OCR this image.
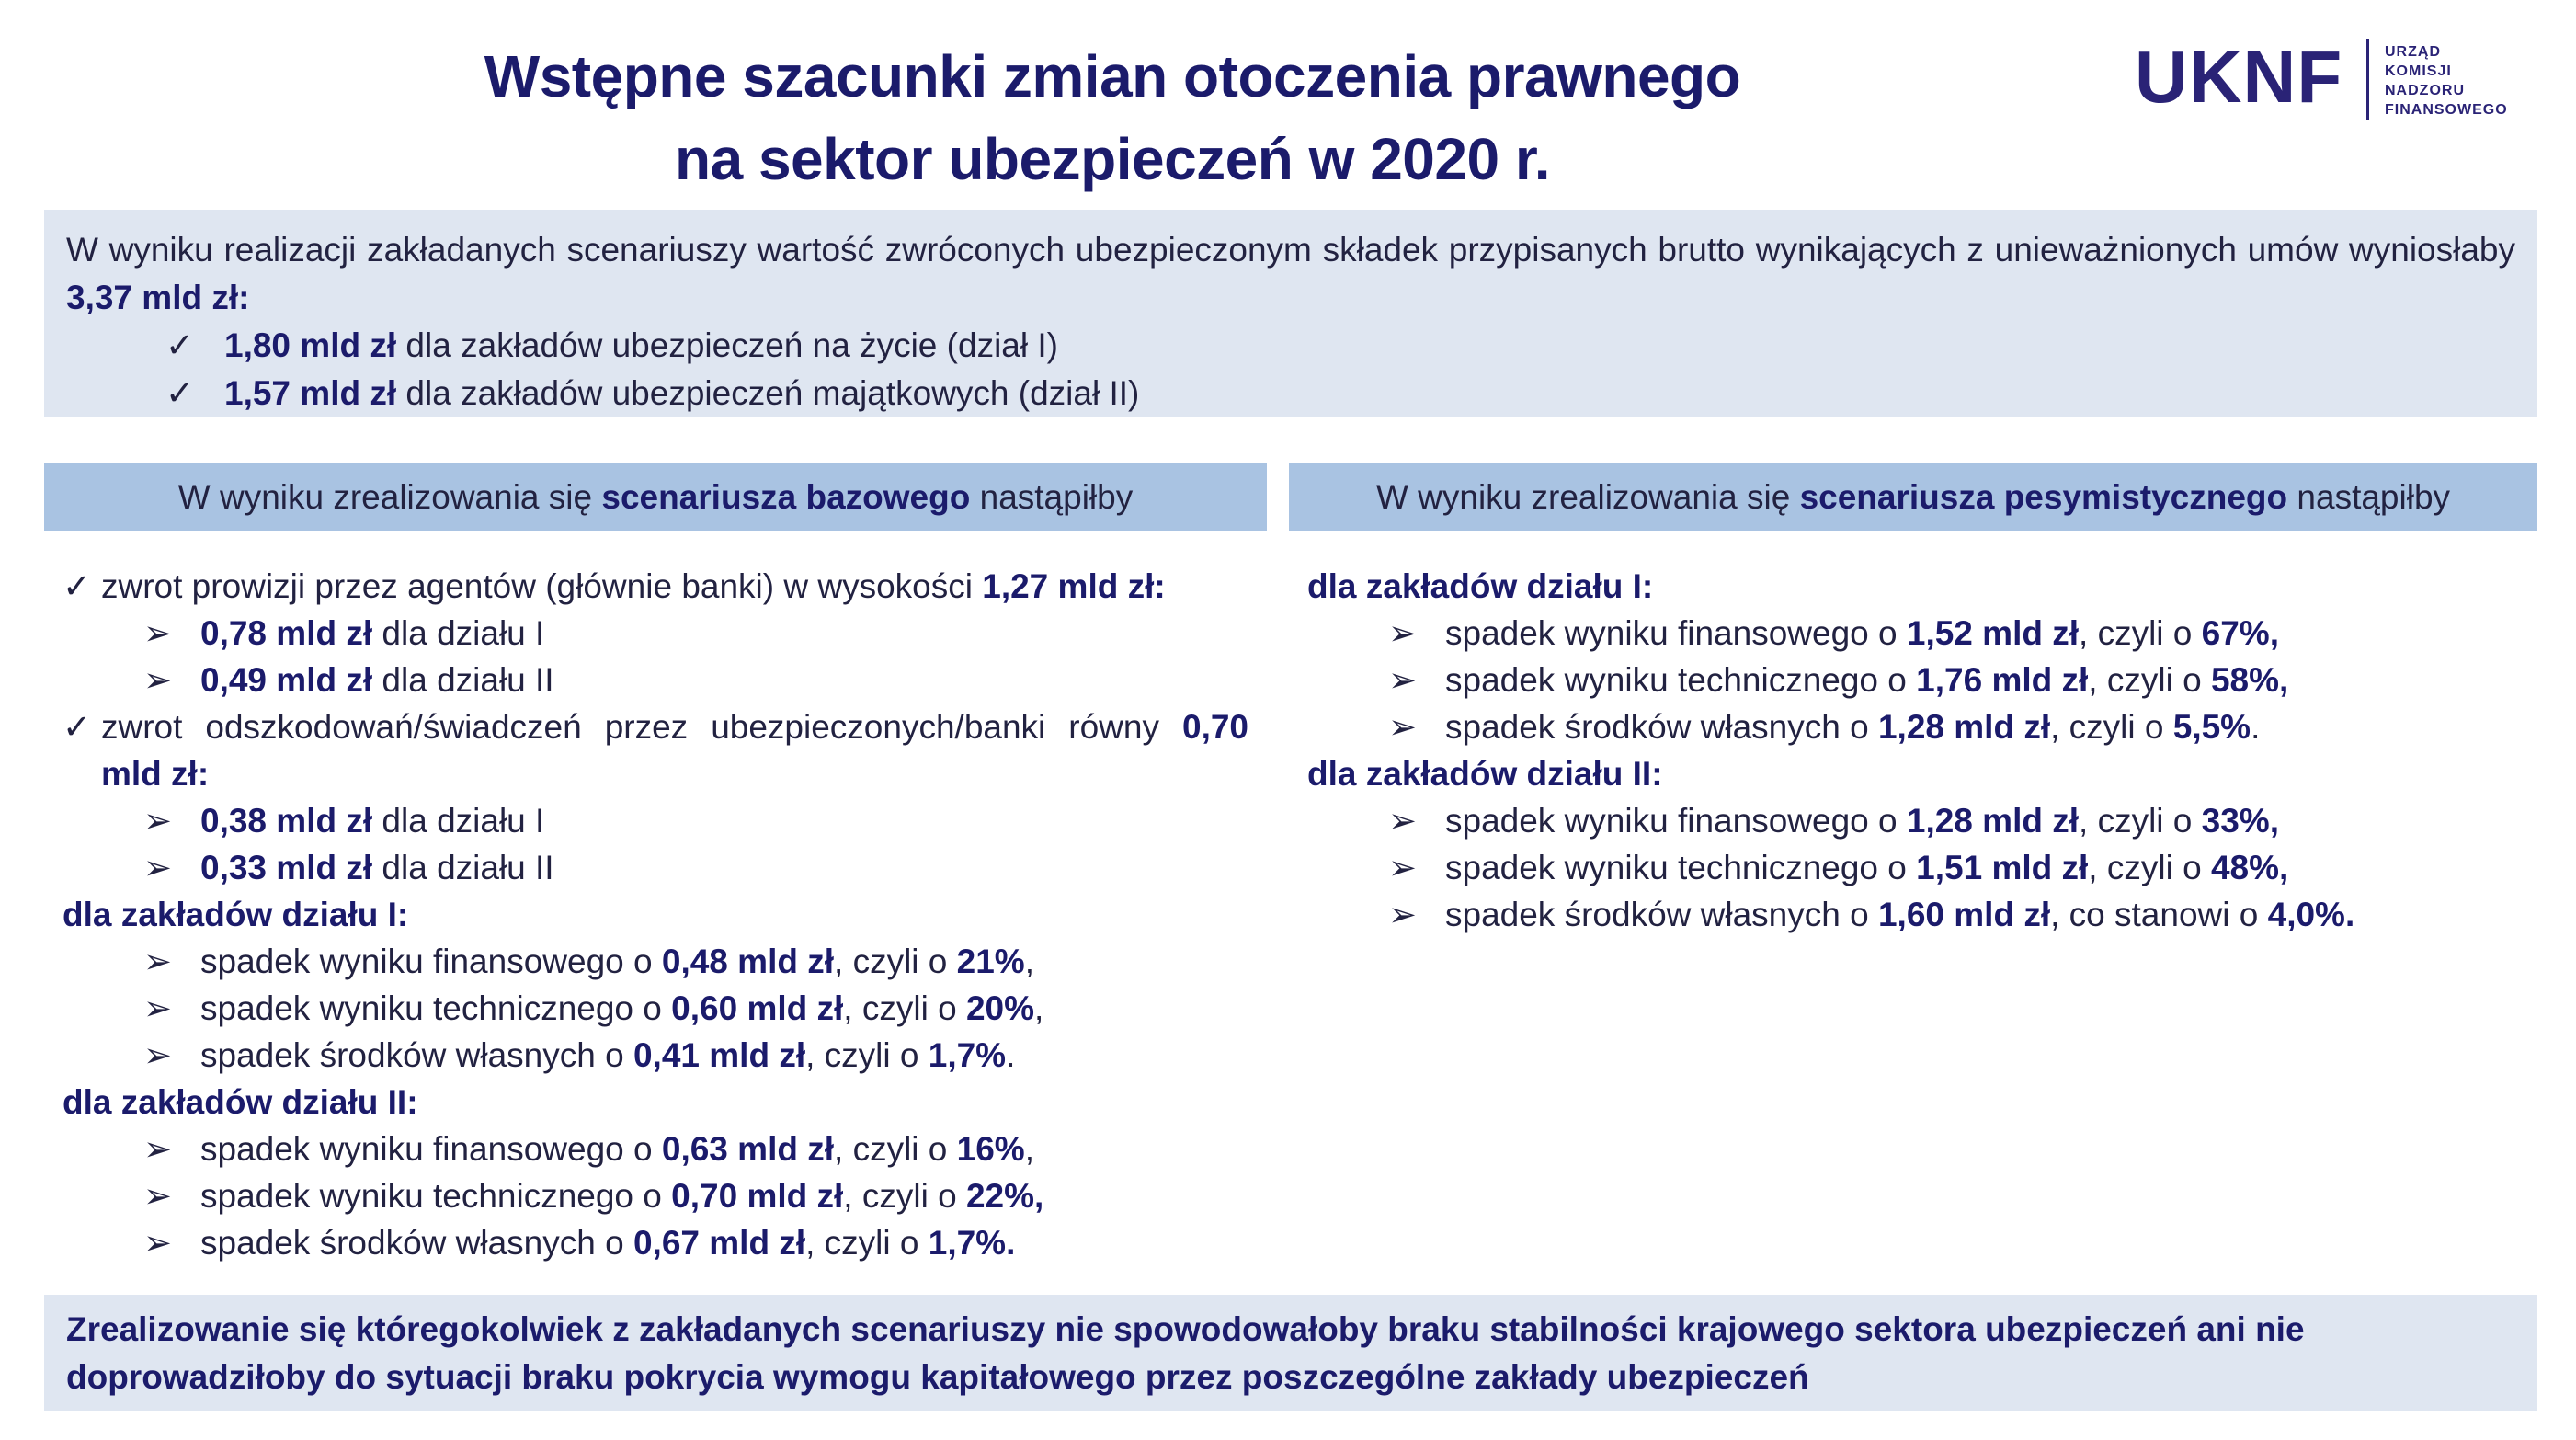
Wstępne szacunki zmian otoczenia prawnego
na sektor ubezpieczeń w 2020 r.
UKNF	URZĄD
KOMISJI
NADZORU
FINANSOWEGO
W wyniku realizacji zakładanych scenariuszy wartość zwróconych ubezpieczonym składek przypisanych brutto wynikających z unieważnionych umów wyniosłaby 3,37 mld zł:
✓ 1,80 mld zł dla zakładów ubezpieczeń na życie (dział I)
✓ 1,57 mld zł dla zakładów ubezpieczeń majątkowych (dział II)
W wyniku zrealizowania się scenariusza bazowego nastąpiłby	W wyniku zrealizowania się scenariusza pesymistycznego nastąpiłby
✓ zwrot prowizji przez agentów (głównie banki) w wysokości 1,27 mld zł:
➢ 0,78 mld zł dla działu I
➢ 0,49 mld zł dla działu II
✓ zwrot odszkodowań/świadczeń przez ubezpieczonych/banki równy 0,70 mld zł:
➢ 0,38 mld zł dla działu I
➢ 0,33 mld zł dla działu II
dla zakładów działu I:
➢ spadek wyniku finansowego o 0,48 mld zł, czyli o 21%,
➢ spadek wyniku technicznego o 0,60 mld zł, czyli o 20%,
➢ spadek środków własnych o 0,41 mld zł, czyli o 1,7%.
dla zakładów działu II:
➢ spadek wyniku finansowego o 0,63 mld zł, czyli o 16%,
➢ spadek wyniku technicznego o 0,70 mld zł, czyli o 22%,
➢ spadek środków własnych o 0,67 mld zł, czyli o 1,7%.
dla zakładów działu I:
➢ spadek wyniku finansowego o 1,52 mld zł, czyli o 67%,
➢ spadek wyniku technicznego o 1,76 mld zł, czyli o 58%,
➢ spadek środków własnych o 1,28 mld zł, czyli o 5,5%.
dla zakładów działu II:
➢ spadek wyniku finansowego o 1,28 mld zł, czyli o 33%,
➢ spadek wyniku technicznego o 1,51 mld zł, czyli o 48%,
➢ spadek środków własnych o 1,60 mld zł, co stanowi o 4,0%.
Zrealizowanie się któregokolwiek z zakładanych scenariuszy nie spowodowałoby braku stabilności krajowego sektora ubezpieczeń ani nie doprowadziłoby do sytuacji braku pokrycia wymogu kapitałowego przez poszczególne zakłady ubezpieczeń
